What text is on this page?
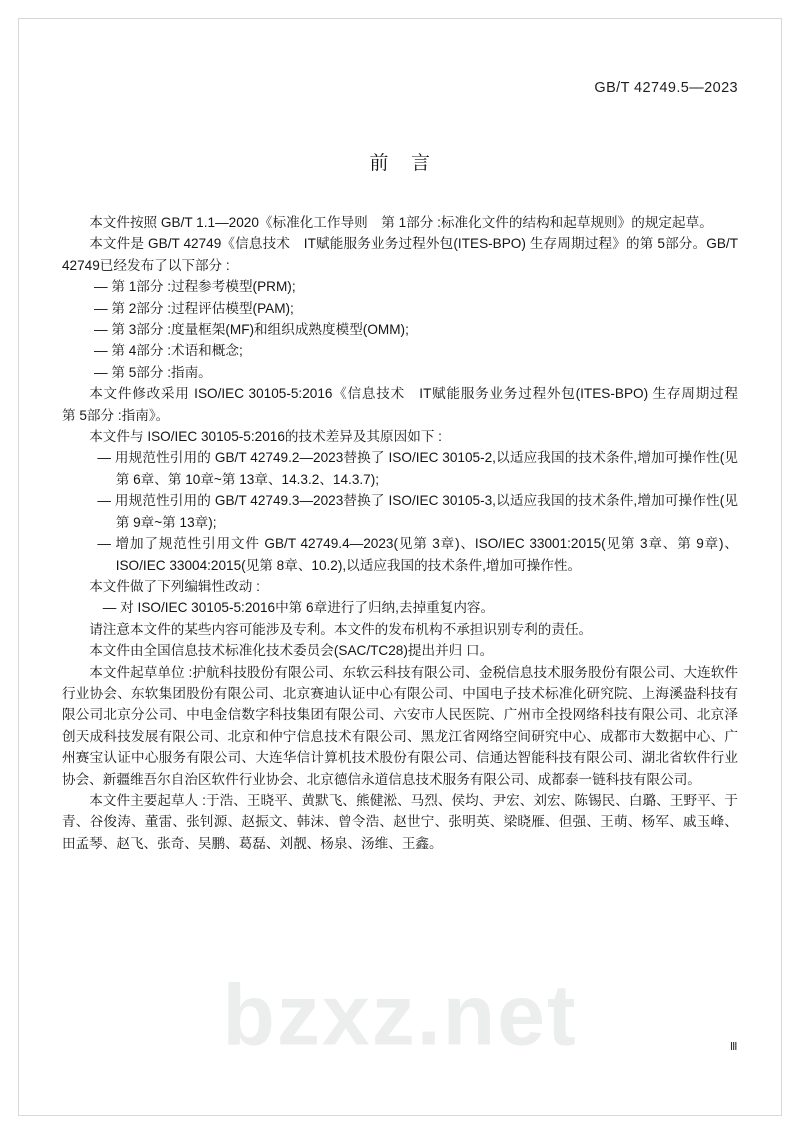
GB/T 42749.5—2023
前 言

本文件按照 GB/T 1.1—2020《标准化工作导则　第 1部分 :标准化文件的结构和起草规则》的规定起草。

本文件是 GB/T 42749《信息技术　IT赋能服务业务过程外包(ITES-BPO) 生存周期过程》的第 5部分。GB/T 42749已经发布了以下部分 :

— 第 1部分 :过程参考模型(PRM);
— 第 2部分 :过程评估模型(PAM);
— 第 3部分 :度量框架(MF)和组织成熟度模型(OMM);
— 第 4部分 :术语和概念;
— 第 5部分 :指南。

本文件修改采用 ISO/IEC 30105-5:2016《信息技术　IT赋能服务业务过程外包(ITES-BPO) 生存周期过程　第 5部分 :指南》。

本文件与 ISO/IEC 30105-5:2016的技术差异及其原因如下 :

— 用规范性引用的 GB/T 42749.2—2023替换了 ISO/IEC 30105-2,以适应我国的技术条件,增加可操作性(见第 6章、第 10章~第 13章、14.3.2、14.3.7);
— 用规范性引用的 GB/T 42749.3—2023替换了 ISO/IEC 30105-3,以适应我国的技术条件,增加可操作性(见第 9章~第 13章);
— 增加了规范性引用文件 GB/T 42749.4—2023(见第 3章)、ISO/IEC 33001:2015(见第 3章、第 9章)、ISO/IEC 33004:2015(见第 8章、10.2),以适应我国的技术条件,增加可操作性。

本文件做了下列编辑性改动 :

— 对 ISO/IEC 30105-5:2016中第 6章进行了归纳,去掉重复内容。

请注意本文件的某些内容可能涉及专利。本文件的发布机构不承担识别专利的责任。

本文件由全国信息技术标准化技术委员会(SAC/TC28)提出并归 口。

本文件起草单位 :护航科技股份有限公司、东软云科技有限公司、金税信息技术服务股份有限公司、大连软件行业协会、东软集团股份有限公司、北京赛迪认证中心有限公司、中国电子技术标准化研究院、上海溪盎科技有限公司北京分公司、中电金信数字科技集团有限公司、六安市人民医院、广州市全投网络科技有限公司、北京泽创天成科技发展有限公司、北京和仲宁信息技术有限公司、黑龙江省网络空间研究中心、成都市大数据中心、广州赛宝认证中心服务有限公司、大连华信计算机技术股份有限公司、信通达智能科技有限公司、湖北省软件行业协会、新疆维吾尔自治区软件行业协会、北京德信永道信息技术服务有限公司、成都泰一链科技有限公司。

本文件主要起草人 :于浩、王晓平、黄默飞、熊健淞、马烈、侯均、尹宏、刘宏、陈锡民、白璐、王野平、于青、谷俊涛、董雷、张钊源、赵振文、韩沫、曾令浩、赵世宁、张明英、梁晓雁、但强、王萌、杨军、戚玉峰、田孟琴、赵飞、张奇、吴鹏、葛磊、刘靓、杨泉、汤维、王鑫。

bzxz.net	Ⅲ
